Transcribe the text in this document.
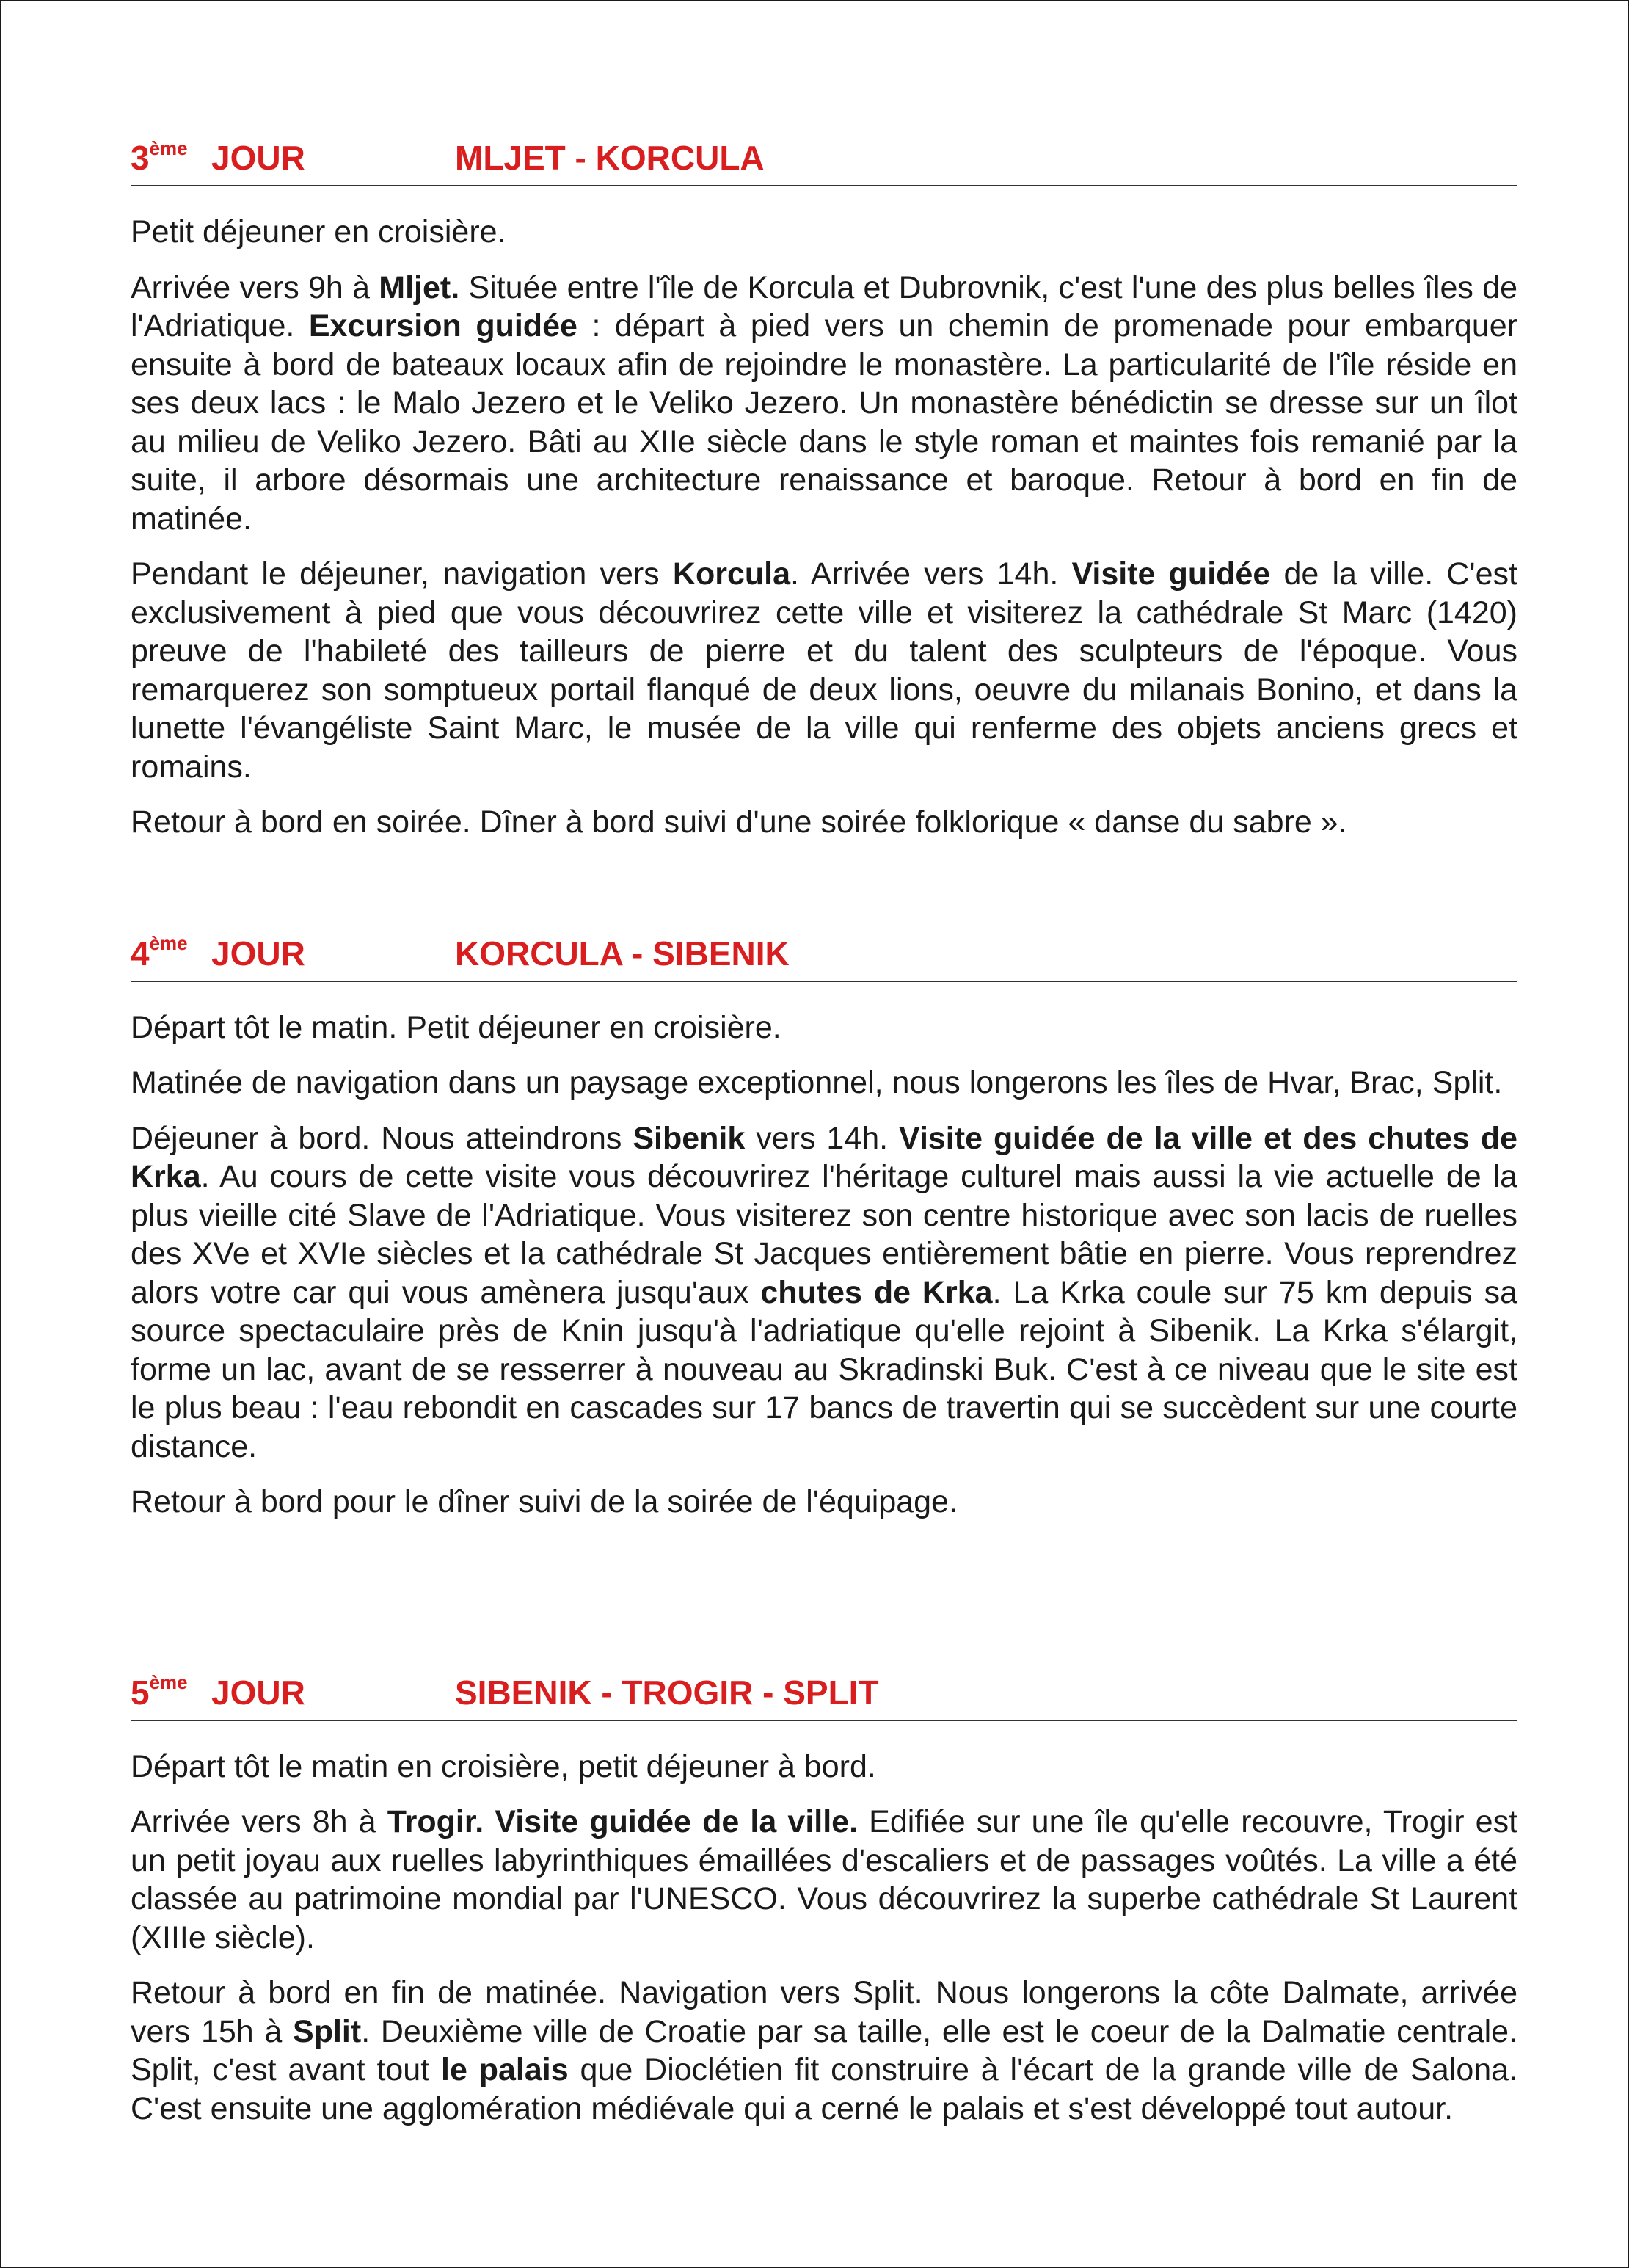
3ème JOUR	MLJET - KORCULA

Petit déjeuner en croisière.

Arrivée vers 9h à Mljet. Située entre l'île de Korcula et Dubrovnik, c'est l'une des plus belles îles de l'Adriatique. Excursion guidée : départ à pied vers un chemin de promenade pour embarquer ensuite à bord de bateaux locaux afin de rejoindre le monastère. La particularité de l'île réside en ses deux lacs : le Malo Jezero et le Veliko Jezero. Un monastère bénédictin se dresse sur un îlot au milieu de Veliko Jezero. Bâti au XIIe siècle dans le style roman et maintes fois remanié par la suite, il arbore désormais une architecture renaissance et baroque. Retour à bord en fin de matinée.

Pendant le déjeuner, navigation vers Korcula. Arrivée vers 14h. Visite guidée de la ville. C'est exclusivement à pied que vous découvrirez cette ville et visiterez la cathédrale St Marc (1420) preuve de l'habileté des tailleurs de pierre et du talent des sculpteurs de l'époque. Vous remarquerez son somptueux portail flanqué de deux lions, oeuvre du milanais Bonino, et dans la lunette l'évangéliste Saint Marc, le musée de la ville qui renferme des objets anciens grecs et romains.

Retour à bord en soirée. Dîner à bord suivi d'une soirée folklorique « danse du sabre ».

4ème JOUR	KORCULA - SIBENIK

Départ tôt le matin. Petit déjeuner en croisière.

Matinée de navigation dans un paysage exceptionnel, nous longerons les îles de Hvar, Brac, Split.

Déjeuner à bord. Nous atteindrons Sibenik vers 14h. Visite guidée de la ville et des chutes de Krka. Au cours de cette visite vous découvrirez l'héritage culturel mais aussi la vie actuelle de la plus vieille cité Slave de l'Adriatique. Vous visiterez son centre historique avec son lacis de ruelles des XVe et XVIe siècles et la cathédrale St Jacques entièrement bâtie en pierre. Vous reprendrez alors votre car qui vous amènera jusqu'aux chutes de Krka. La Krka coule sur 75 km depuis sa source spectaculaire près de Knin jusqu'à l'adriatique qu'elle rejoint à Sibenik. La Krka s'élargit, forme un lac, avant de se resserrer à nouveau au Skradinski Buk. C'est à ce niveau que le site est le plus beau : l'eau rebondit en cascades sur 17 bancs de travertin qui se succèdent sur une courte distance.

Retour à bord pour le dîner suivi de la soirée de l'équipage.

5ème JOUR	SIBENIK - TROGIR - SPLIT

Départ tôt le matin en croisière, petit déjeuner à bord.

Arrivée vers 8h à Trogir. Visite guidée de la ville. Edifiée sur une île qu'elle recouvre, Trogir est un petit joyau aux ruelles labyrinthiques émaillées d'escaliers et de passages voûtés. La ville a été classée au patrimoine mondial par l'UNESCO. Vous découvrirez la superbe cathédrale St Laurent (XIIIe siècle).

Retour à bord en fin de matinée. Navigation vers Split. Nous longerons la côte Dalmate, arrivée vers 15h à Split. Deuxième ville de Croatie par sa taille, elle est le coeur de la Dalmatie centrale. Split, c'est avant tout le palais que Dioclétien fit construire à l'écart de la grande ville de Salona. C'est ensuite une agglomération médiévale qui a cerné le palais et s'est développé tout autour.
